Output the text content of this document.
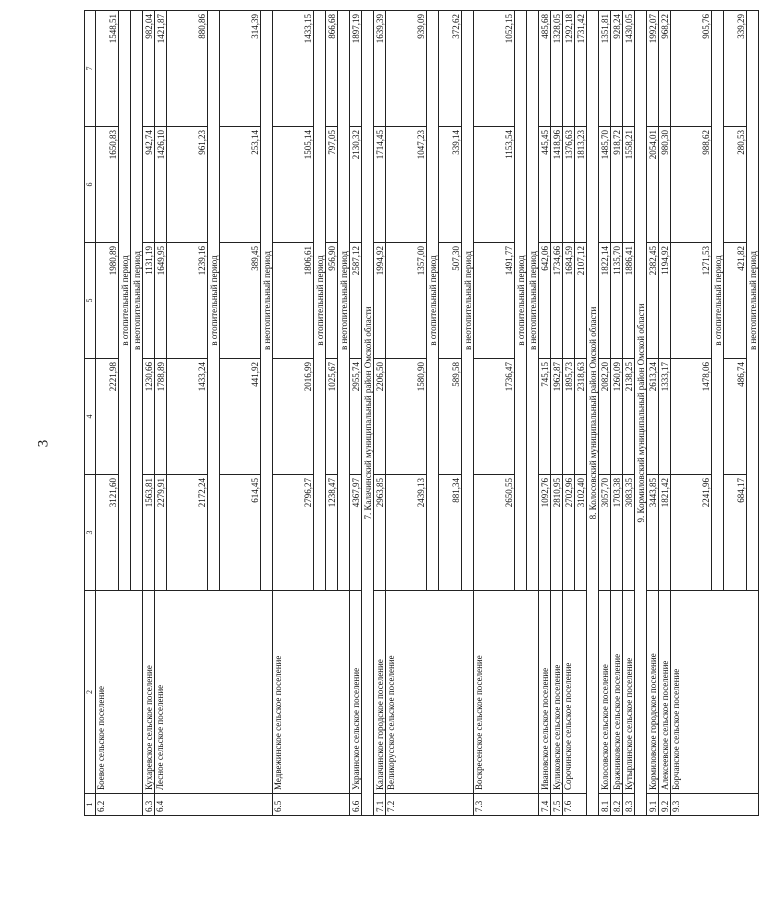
3
1	2	3	4	5	6	7
6.2	Боевое сельское поселение	3121,60	2221,98	1980,89	1650,83	1548,51
		в отопительный период				
		в неотопительный период				
6.3	Кухаревское сельское поселение	1563,81	1230,66	1131,19	942,74	982,04
6.4	Лесное сельское поселение	2279,91	1788,89	1649,95	1426,10	1421,87
		2172,24	1433,24	1239,16	961,23	880,86
		в отопительный период				
		614,45	441,92	389,45	253,14	314,39
		в неотопительный период				
6.5	Медвежинское сельское поселение	2796,27	2016,99	1806,61	1505,14	1433,15
		в отопительный период				
		1238,47	1025,67	956,90	797,05	866,68
		в неотопительный период				
6.6	Украинское сельское поселение	4367,97	2955,74	2587,12	2130,32	1897,19
7. Калачинский муниципальный район Омской области						
7.1	Калачинское городское поселение	2963,85	2206,50	1994,92	1714,45	1639,39
7.2	Великорусское сельское поселение	2439,13	1580,90	1357,00	1047,23	939,09
		в отопительный период				
		881,34	589,58	507,30	339,14	372,62
		в неотопительный период				
7.3	Воскресенское сельское поселение	2650,55	1736,47	1491,77	1153,54	1052,15
		в отопительный период				
		в неотопительный период				
7.4	Ивановское сельское поселение	1092,76	745,15	642,06	445,45	485,68
7.5	Куликовское сельское поселение	2810,95	1962,87	1734,66	1418,96	1328,05
7.6	Сорочинское сельское поселение	2702,96	1895,73	1684,59	1376,63	1292,18
		3102,40	2318,63	2107,12	1813,23	1731,42
8. Колосовский муниципальный район Омской области						
8.1	Колосовское сельское поселение	3057,70	2082,20	1822,14	1485,70	1351,81
8.2	Бражниковское сельское поселение	1703,38	1260,09	1135,70	918,72	928,24
8.3	Кутырлинское сельское поселение	3083,35	2138,25	1886,41	1558,21	1430,05
9. Кормиловский муниципальный район Омской области						
9.1	Кормиловское городское поселение	3443,85	2613,24	2382,45	2054,01	1992,07
9.2	Алексеевское сельское поселение	1821,42	1333,17	1194,92	980,30	968,22
9.3	Борчанское сельское поселение	2241,96	1478,06	1271,53	988,62	905,76
		в отопительный период				
		684,17	486,74	421,82	280,53	339,29
		в неотопительный период				
